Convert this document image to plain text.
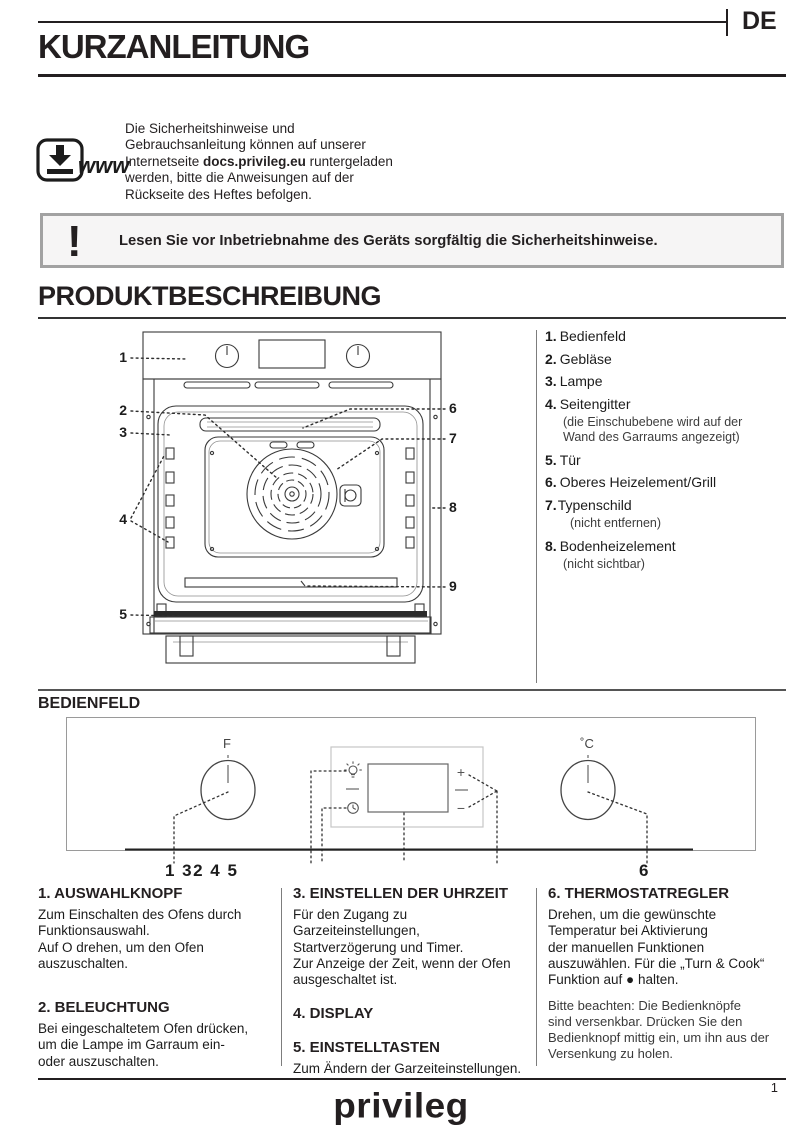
DE
KURZANLEITUNG
www
Die Sicherheitshinweise und
Gebrauchsanleitung können auf unserer
Internetseite docs.privileg.eu runtergeladen
werden, bitte die Anweisungen auf der
Rückseite des Heftes befolgen.
!	Lesen Sie vor Inbetriebnahme des Geräts sorgfältig die Sicherheitshinweise.
PRODUKTBESCHREIBUNG
1
2
3
4
5
6
7
8
9
1. Bedienfeld
2. Gebläse
3. Lampe
4. Seitengitter
(die Einschubebene wird auf der
Wand des Garraums angezeigt)
5. Tür
6. Oberes Heizelement/Grill
7.Typenschild
(nicht entfernen)
8. Bodenheizelement
(nicht sichtbar)
BEDIENFELD
F	˚C
+
−
1 32 4 5	6
1. AUSWAHLKNOPF
Zum Einschalten des Ofens durch
Funktionsauswahl.
Auf O drehen, um den Ofen
auszuschalten.
2. BELEUCHTUNG
Bei eingeschaltetem Ofen drücken,
um die Lampe im Garraum ein-
oder auszuschalten.
3. EINSTELLEN DER UHRZEIT
Für den Zugang zu
Garzeiteinstellungen,
Startverzögerung und Timer.
Zur Anzeige der Zeit, wenn der Ofen
ausgeschaltet ist.
4. DISPLAY
5. EINSTELLTASTEN
Zum Ändern der Garzeiteinstellungen.
6. THERMOSTATREGLER
Drehen, um die gewünschte
Temperatur bei Aktivierung
der manuellen Funktionen
auszuwählen. Für die „Turn & Cook“
Funktion auf ● halten.
Bitte beachten: Die Bedienknöpfe
sind versenkbar. Drücken Sie den
Bedienknopf mittig ein, um ihn aus der
Versenkung zu holen.
privileg	1
